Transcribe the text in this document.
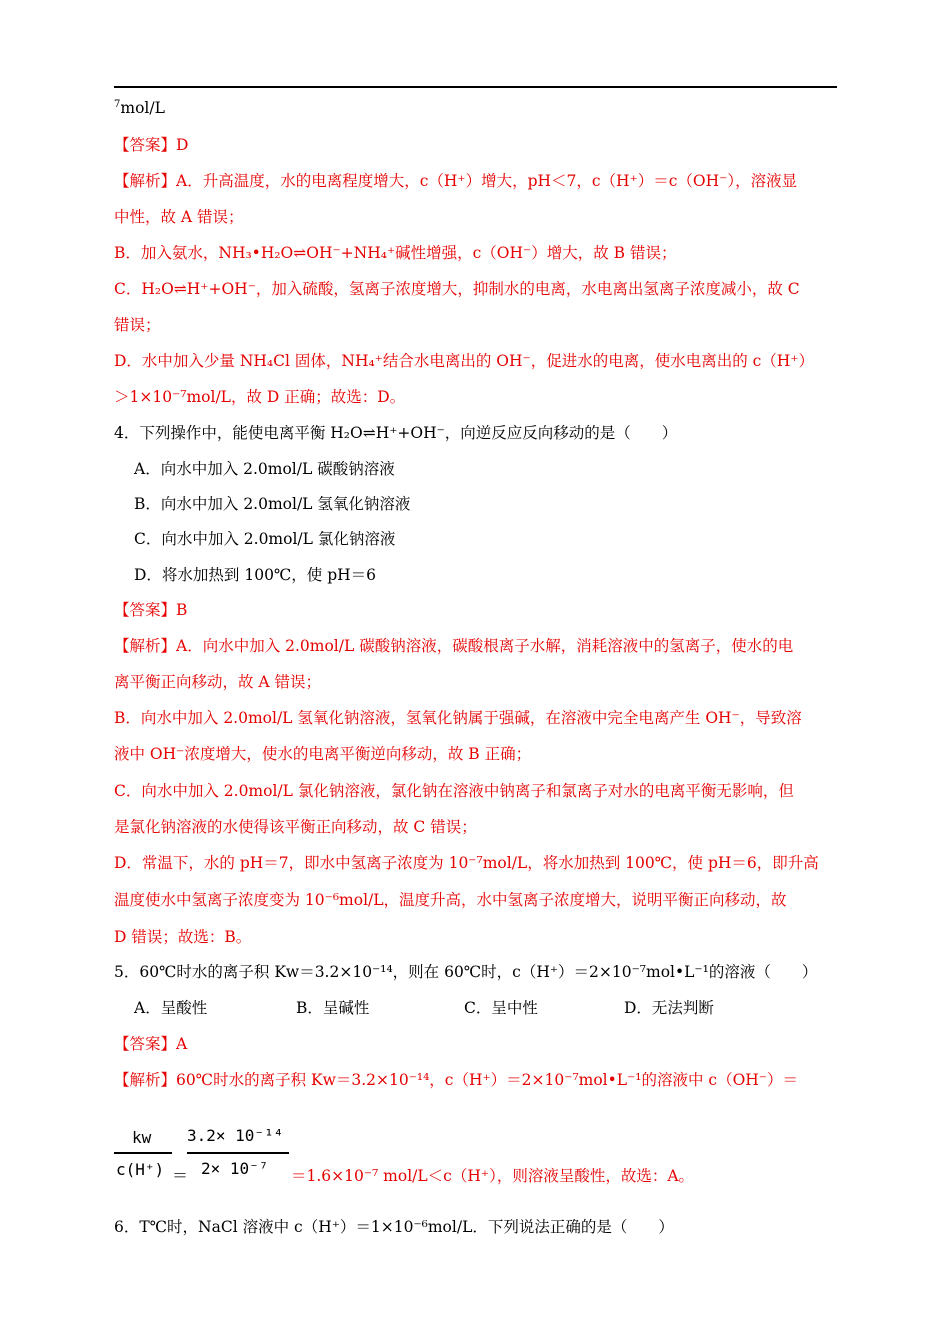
$^7$mol/L
【答案】D
【解析】A．升高温度，水的电离程度增大，c（H⁺）增大，pH＜7，c（H⁺）＝c（OH⁻），溶液显
中性，故 A 错误；
B．加入氨水，NH₃•H₂O⇌OH⁻+NH₄⁺碱性增强，c（OH⁻）增大，故 B 错误；
C．H₂O⇌H⁺+OH⁻，加入硫酸，氢离子浓度增大，抑制水的电离，水电离出氢离子浓度减小，故 C
错误；
D．水中加入少量 NH₄Cl 固体，NH₄⁺结合水电离出的 OH⁻，促进水的电离，使水电离出的 c（H⁺）
＞1×10⁻⁷mol/L，故 D 正确；故选：D。
4．下列操作中，能使电离平衡 H₂O⇌H⁺+OH⁻，向逆反应反向移动的是（　　）
A．向水中加入 2.0mol/L 碳酸钠溶液
B．向水中加入 2.0mol/L 氢氧化钠溶液
C．向水中加入 2.0mol/L 氯化钠溶液
D．将水加热到 100℃，使 pH＝6
【答案】B
【解析】A．向水中加入 2.0mol/L 碳酸钠溶液，碳酸根离子水解，消耗溶液中的氢离子，使水的电
离平衡正向移动，故 A 错误；
B．向水中加入 2.0mol/L 氢氧化钠溶液，氢氧化钠属于强碱，在溶液中完全电离产生 OH⁻，导致溶
液中 OH⁻浓度增大，使水的电离平衡逆向移动，故 B 正确；
C．向水中加入 2.0mol/L 氯化钠溶液，氯化钠在溶液中钠离子和氯离子对水的电离平衡无影响，但
是氯化钠溶液的水使得该平衡正向移动，故 C 错误；
D．常温下，水的 pH＝7，即水中氢离子浓度为 10⁻⁷mol/L，将水加热到 100℃，使 pH＝6，即升高
温度使水中氢离子浓度变为 10⁻⁶mol/L，温度升高，水中氢离子浓度增大，说明平衡正向移动，故
D 错误；故选：B。
5．60℃时水的离子积 Kw＝3.2×10⁻¹⁴，则在 60℃时，c（H⁺）＝2×10⁻⁷mol•L⁻¹的溶液（　　）
A．呈酸性	B．呈碱性	C．呈中性	D．无法判断
【答案】A
【解析】60℃时水的离子积 Kw＝3.2×10⁻¹⁴，c（H⁺）＝2×10⁻⁷mol•L⁻¹的溶液中 c（OH⁻）＝
kw
c(H⁺) ＝
3.2× 10⁻¹⁴
2× 10⁻⁷ ＝1.6×10⁻⁷ mol/L＜c（H⁺），则溶液呈酸性，故选：A。
6．T℃时，NaCl 溶液中 c（H⁺）＝1×10⁻⁶mol/L．下列说法正确的是（　　）
